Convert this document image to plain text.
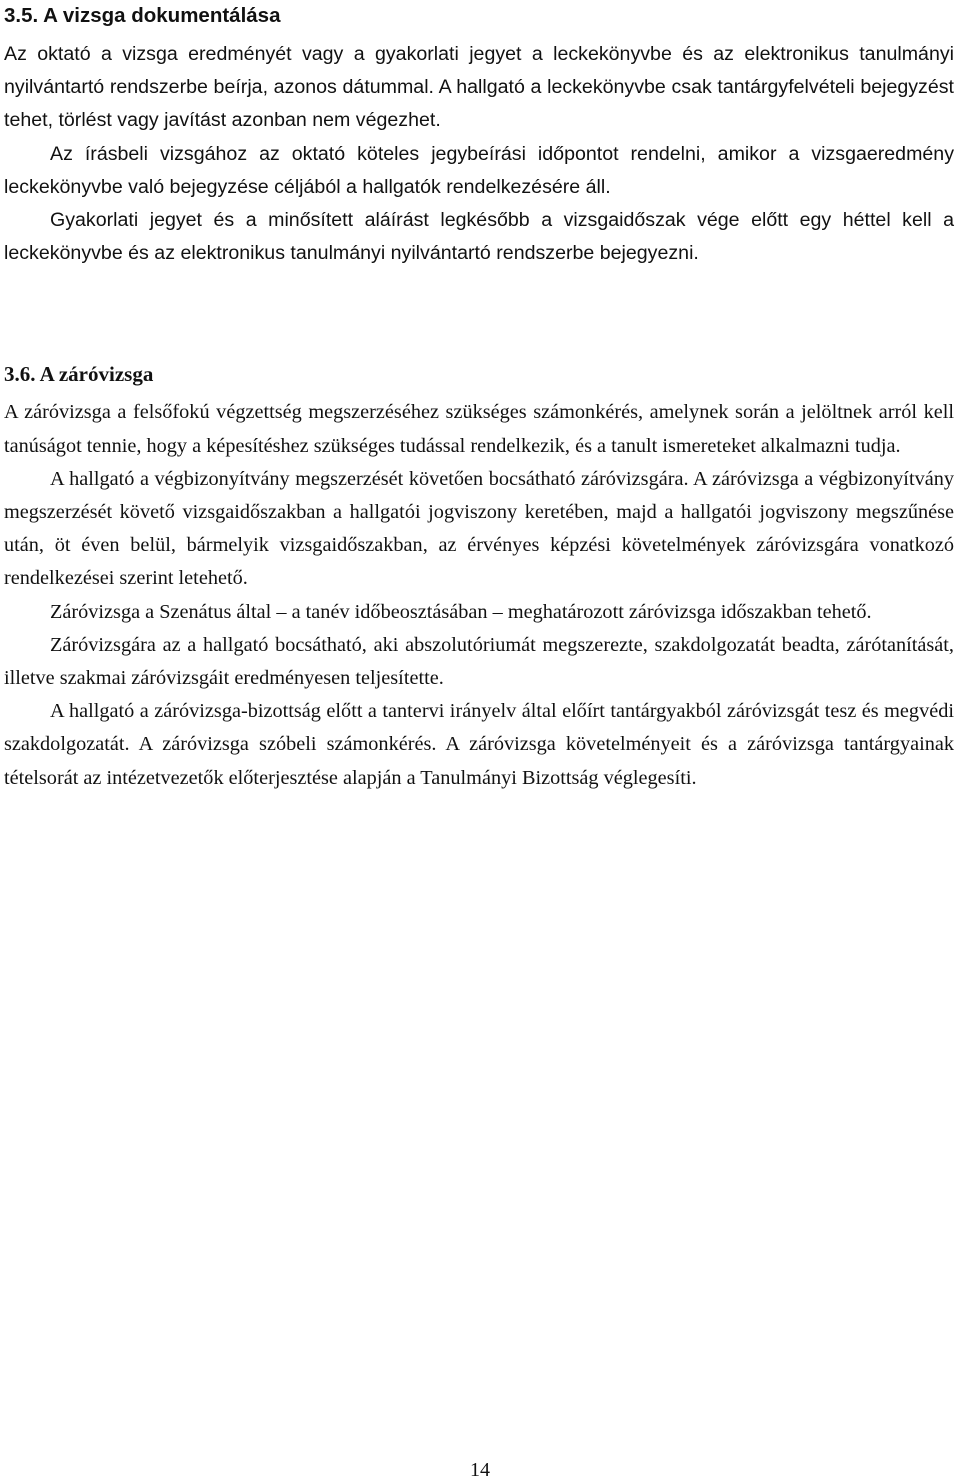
3.5. A vizsga dokumentálása

Az oktató a vizsga eredményét vagy a gyakorlati jegyet a leckekönyvbe és az elektronikus tanulmányi nyilvántartó rendszerbe beírja, azonos dátummal. A hallgató a leckekönyvbe csak tantárgyfelvételi bejegyzést tehet, törlést vagy javítást azonban nem végezhet.

Az írásbeli vizsgához az oktató köteles jegybeírási időpontot rendelni, amikor a vizsgaeredmény leckekönyvbe való bejegyzése céljából a hallgatók rendelkezésére áll.

Gyakorlati jegyet és a minősített aláírást legkésőbb a vizsgaidőszak vége előtt egy héttel kell a leckekönyvbe és az elektronikus tanulmányi nyilvántartó rendszerbe bejegyezni.

3.6. A záróvizsga

A záróvizsga a felsőfokú végzettség megszerzéséhez szükséges számonkérés, amelynek során a jelöltnek arról kell tanúságot tennie, hogy a képesítéshez szükséges tudással rendelkezik, és a tanult ismereteket alkalmazni tudja.

A hallgató a végbizonyítvány megszerzését követően bocsátható záróvizsgára. A záróvizsga a végbizonyítvány megszerzését követő vizsgaidőszakban a hallgatói jogviszony keretében, majd a hallgatói jogviszony megszűnése után, öt éven belül, bármelyik vizsgaidőszakban, az érvényes képzési követelmények záróvizsgára vonatkozó rendelkezései szerint letehető.

Záróvizsga a Szenátus által – a tanév időbeosztásában – meghatározott záróvizsga időszakban tehető.

Záróvizsgára az a hallgató bocsátható, aki abszolutóriumát megszerezte, szakdolgozatát beadta, zárótanítását, illetve szakmai záróvizsgáit eredményesen teljesítette.

A hallgató a záróvizsga-bizottság előtt a tantervi irányelv által előírt tantárgyakból záróvizsgát tesz és megvédi szakdolgozatát. A záróvizsga szóbeli számonkérés. A záróvizsga követelményeit és a záróvizsga tantárgyainak tételsorát az intézetvezetők előterjesztése alapján a Tanulmányi Bizottság véglegesíti.

14
